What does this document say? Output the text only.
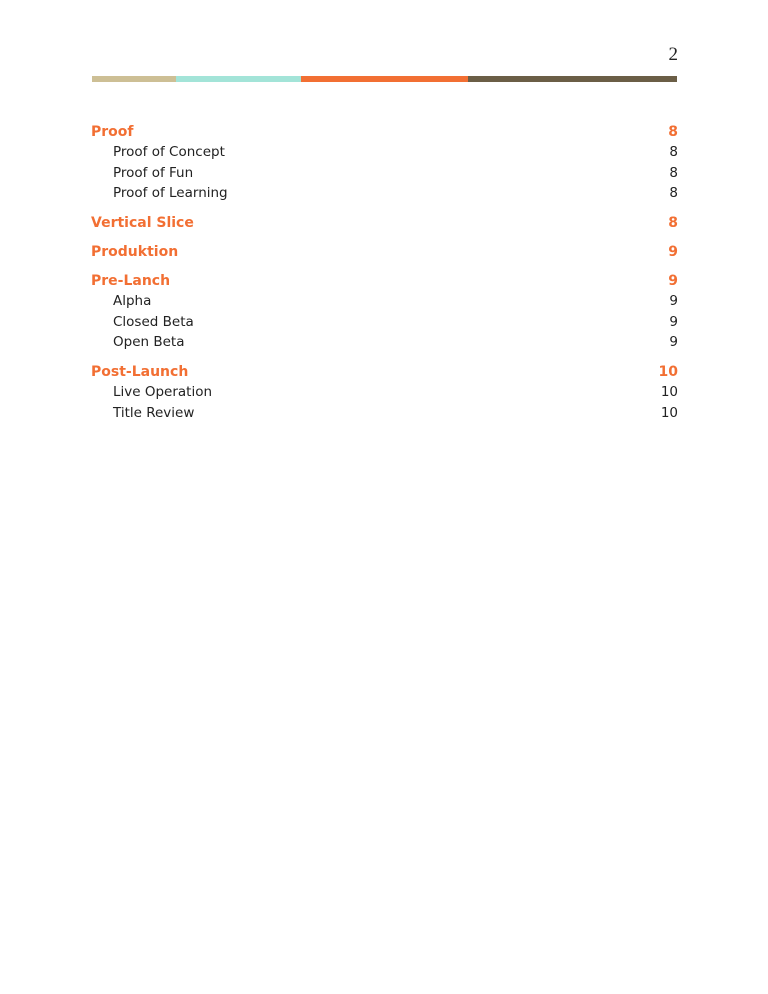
2
Proof	8
Proof of Concept	8
Proof of Fun	8
Proof of Learning	8
Vertical Slice	8
Produktion	9
Pre-Lanch	9
Alpha	9
Closed Beta	9
Open Beta	9
Post-Launch	10
Live Operation	10
Title Review	10
